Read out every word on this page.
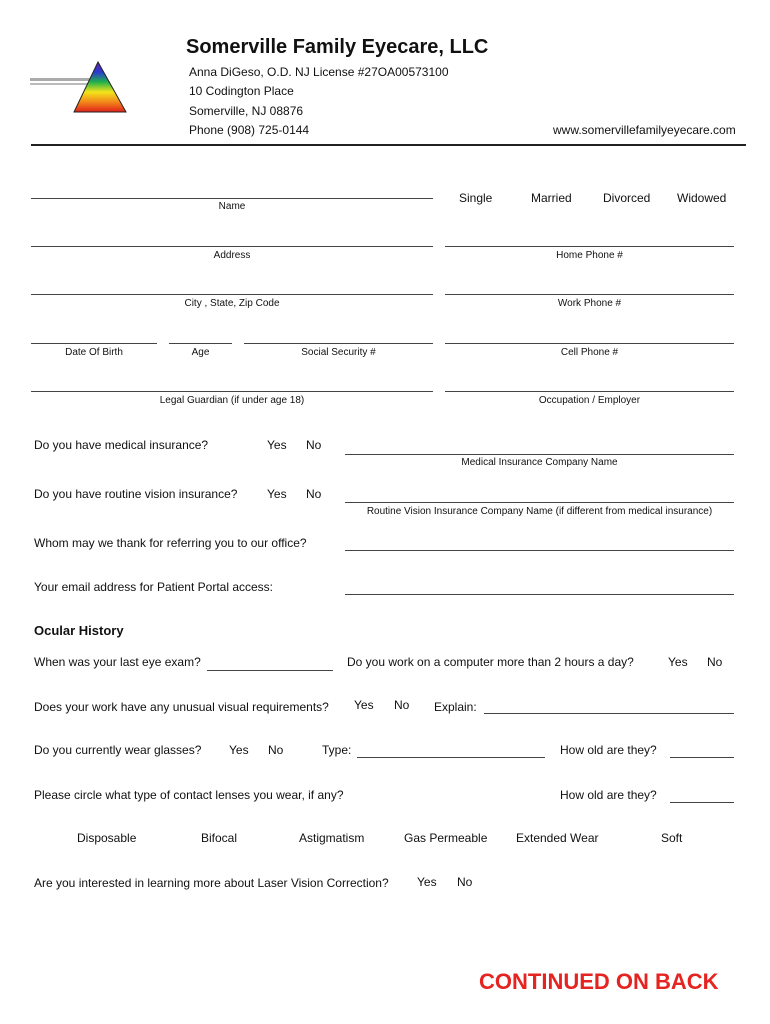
Somerville Family Eyecare, LLC
Anna DiGeso, O.D. NJ License #27OA00573100
10 Codington Place
Somerville, NJ 08876
Phone (908) 725-0144	www.somervillefamilyeyecare.com
Name
Single	Married	Divorced Widowed
Address	Home Phone #
City , State, Zip Code	Work Phone #
Date Of Birth	Age	Social Security #	Cell Phone #
Legal Guardian (if under age 18)	Occupation / Employer
Do you have medical insurance?	Yes No
Medical Insurance Company Name
Do you have routine vision insurance? Yes No
Routine Vision Insurance Company Name (if different from medical insurance)
Whom may we thank for referring you to our office?
Your email address for Patient Portal access:
Ocular History
When was your last eye exam?	Do you work on a computer more than 2 hours a day?	Yes No
Does your work have any unusual visual requirements? Yes No Explain:
Do you currently wear glasses? Yes No	Type:	How old are they?
Please circle what type of contact lenses you wear, if any?	How old are they?
Disposable	Bifocal	Astigmatism	Gas Permeable Extended Wear	Soft
Are you interested in learning more about Laser Vision Correction? Yes No
CONTINUED ON BACK
